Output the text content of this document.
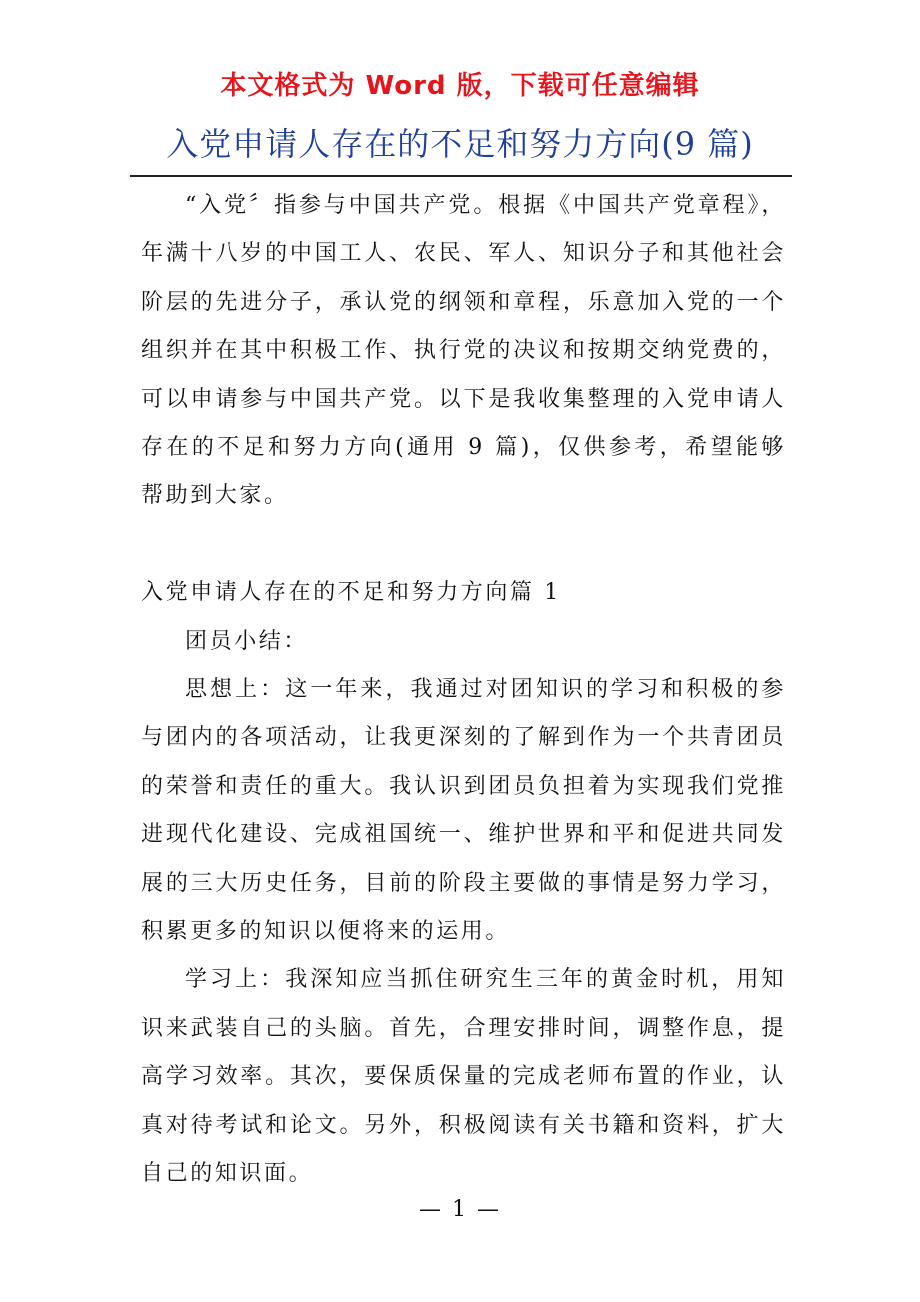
本文格式为 Word 版，下载可任意编辑
入党申请人存在的不足和努力方向(9 篇)

“入党〞指参与中国共产党。根据《中国共产党章程》，年满十八岁的中国工人、农民、军人、知识分子和其他社会阶层的先进分子，承认党的纲领和章程，乐意加入党的一个组织并在其中积极工作、执行党的决议和按期交纳党费的，可以申请参与中国共产党。以下是我收集整理的入党申请人存在的不足和努力方向(通用 9 篇)，仅供参考，希望能够帮助到大家。

入党申请人存在的不足和努力方向篇 1

团员小结：

思想上：这一年来，我通过对团知识的学习和积极的参与团内的各项活动，让我更深刻的了解到作为一个共青团员的荣誉和责任的重大。我认识到团员负担着为实现我们党推进现代化建设、完成祖国统一、维护世界和平和促进共同发展的三大历史任务，目前的阶段主要做的事情是努力学习，积累更多的知识以便将来的运用。

学习上：我深知应当抓住研究生三年的黄金时机，用知识来武装自己的头脑。首先，合理安排时间，调整作息，提高学习效率。其次，要保质保量的完成老师布置的作业，认真对待考试和论文。另外，积极阅读有关书籍和资料，扩大自己的知识面。

— 1 —
